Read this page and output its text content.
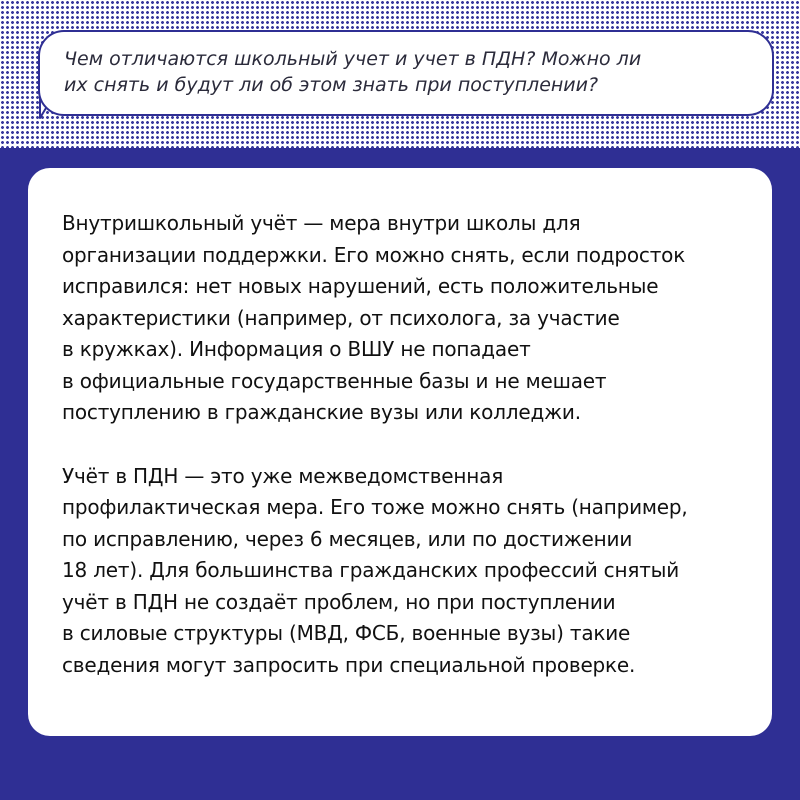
Чем отличаются школьный учет и учет в ПДН? Можно ли
их снять и будут ли об этом знать при поступлении?

Внутришкольный учёт — мера внутри школы для
организации поддержки. Его можно снять, если подросток
исправился: нет новых нарушений, есть положительные
характеристики (например, от психолога, за участие
в кружках). Информация о ВШУ не попадает
в официальные государственные базы и не мешает
поступлению в гражданские вузы или колледжи.

Учёт в ПДН — это уже межведомственная
профилактическая мера. Его тоже можно снять (например,
по исправлению, через 6 месяцев, или по достижении
18 лет). Для большинства гражданских профессий снятый
учёт в ПДН не создаёт проблем, но при поступлении
в силовые структуры (МВД, ФСБ, военные вузы) такие
сведения могут запросить при специальной проверке.
